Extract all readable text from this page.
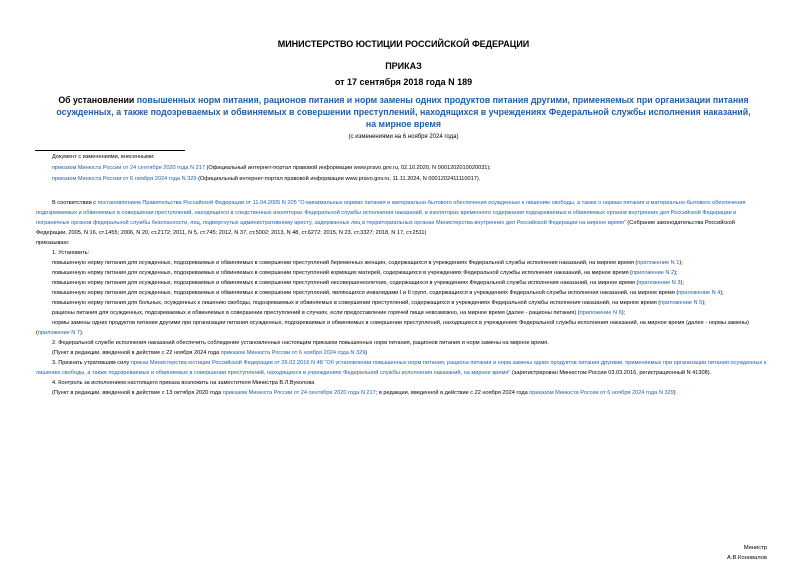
МИНИСТЕРСТВО ЮСТИЦИИ РОССИЙСКОЙ ФЕДЕРАЦИИ
ПРИКАЗ
от 17 сентября 2018 года N 189
Об установлении повышенных норм питания, рационов питания и норм замены одних продуктов питания другими, применяемых при организации питания осужденных, а также подозреваемых и обвиняемых в совершении преступлений, находящихся в учреждениях Федеральной службы исполнения наказаний, на мирное время
(с изменениями на 6 ноября 2024 года)
Документ с изменениями, внесенными:
приказом Минюста России от 24 сентября 2020 года N 217 (Официальный интернет-портал правовой информации www.pravo.gov.ru, 02.10.2020, N 0001202010020031);
приказом Минюста России от 6 ноября 2024 года N 329 (Официальный интернет-портал правовой информации www.pravo.gov.ru, 11.11.2024, N 0001202411110017).

В соответствии с постановлением Правительства Российской Федерации от 11.04.2005 N 205 "О минимальных нормах питания и материально-бытового обеспечения осужденных к лишению свободы, а также о нормах питания и материально-бытового обеспечения подозреваемых и обвиняемых в совершении преступлений, находящихся в следственных изоляторах Федеральной службы исполнения наказаний, в изоляторах временного содержания подозреваемых и обвиняемых органов внутренних дел Российской Федерации и пограничных органов федеральной службы безопасности, лиц, подвергнутых административному аресту, задержанных лиц в территориальных органах Министерства внутренних дел Российской Федерации на мирное время" (Собрание законодательства Российской Федерации, 2005, N 16, ст.1455; 2006, N 20, ст.2172; 2011, N 5, ст.745; 2012, N 37, ст.5002; 2013, N 48, ст.6272; 2015, N 23, ст.3327; 2018, N 17, ст.2511)

приказываю:

1. Установить:

повышенную норму питания для осужденных, подозреваемых и обвиняемых в совершении преступлений беременных женщин, содержащихся в учреждениях Федеральной службы исполнения наказаний, на мирное время (приложение N 1);

повышенную норму питания для осужденных, подозреваемых и обвиняемых в совершении преступлений кормящих матерей, содержащихся в учреждениях Федеральной службы исполнения наказаний, на мирное время (приложение N 2);

повышенную норму питания для осужденных, подозреваемых и обвиняемых в совершении преступлений несовершеннолетних, содержащихся в учреждениях Федеральной службы исполнения наказаний, на мирное время (приложение N 3);

повышенную норму питания для осужденных, подозреваемых и обвиняемых в совершении преступлений, являющихся инвалидами I и II групп, содержащихся в учреждениях Федеральной службы исполнения наказаний, на мирное время (приложение N 4);

повышенную норму питания для больных, осужденных к лишению свободы, подозреваемых и обвиняемых в совершении преступлений, содержащихся в учреждениях Федеральной службы исполнения наказаний, на мирное время (приложение N 5);

рационы питания для осужденных, подозреваемых и обвиняемых в совершении преступлений в случаях, если предоставление горячей пищи невозможно, на мирное время (далее - рационы питания) (приложение N 6);

нормы замены одних продуктов питания другими при организации питания осужденных, подозреваемых и обвиняемых в совершении преступлений, находящихся в учреждениях Федеральной службы исполнения наказаний, на мирное время (далее - нормы замены) (приложение N 7).

2. Федеральной службе исполнения наказаний обеспечить соблюдение установленных настоящим приказом повышенных норм питания, рационов питания и норм замены на мирное время.

(Пункт в редакции, введенной в действие с 22 ноября 2024 года приказом Минюста России от 6 ноября 2024 года N 329)

3. Признать утратившим силу приказ Министерства юстиции Российской Федерации от 26.02.2016 N 48 "Об установлении повышенных норм питания, рациона питания и норм замены одних продуктов питания другими, применяемых при организации питания осужденных к лишению свободы, а также подозреваемых и обвиняемых в совершении преступлений, находящихся в учреждениях Федеральной службы исполнения наказаний, на мирное время" (зарегистрирован Минюстом России 03.03.2016, регистрационный N 41308).

4. Контроль за исполнением настоящего приказа возложить на заместителя Министра В.Л.Вуколова

(Пункт в редакции, введенной в действие с 13 октября 2020 года приказом Минюста России от 24 сентября 2020 года N 217; в редакции, введенной в действие с 22 ноября 2024 года приказом Минюста России от 6 ноября 2024 года N 329)

Министр
А.В.Коновалов
